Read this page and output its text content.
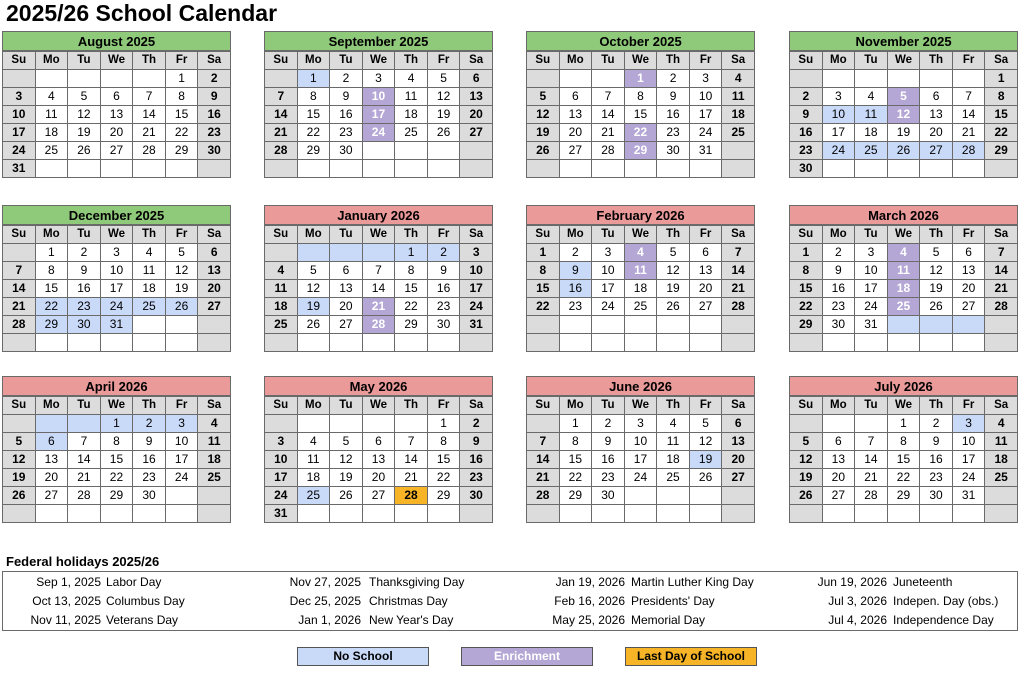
2025/26 School Calendar
August 2025
Su	Mo	Tu	We	Th	Fr	Sa
					1	2
3	4	5	6	7	8	9
10	11	12	13	14	15	16
17	18	19	20	21	22	23
24	25	26	27	28	29	30
31						
September 2025
Su	Mo	Tu	We	Th	Fr	Sa
	1	2	3	4	5	6
7	8	9	10	11	12	13
14	15	16	17	18	19	20
21	22	23	24	25	26	27
28	29	30				

October 2025
Su	Mo	Tu	We	Th	Fr	Sa
			1	2	3	4
5	6	7	8	9	10	11
12	13	14	15	16	17	18
19	20	21	22	23	24	25
26	27	28	29	30	31	

November 2025
Su	Mo	Tu	We	Th	Fr	Sa
						1
2	3	4	5	6	7	8
9	10	11	12	13	14	15
16	17	18	19	20	21	22
23	24	25	26	27	28	29
30						
December 2025
Su	Mo	Tu	We	Th	Fr	Sa
	1	2	3	4	5	6
7	8	9	10	11	12	13
14	15	16	17	18	19	20
21	22	23	24	25	26	27
28	29	30	31			

January 2026
Su	Mo	Tu	We	Th	Fr	Sa
				1	2	3
4	5	6	7	8	9	10
11	12	13	14	15	16	17
18	19	20	21	22	23	24
25	26	27	28	29	30	31

February 2026
Su	Mo	Tu	We	Th	Fr	Sa
1	2	3	4	5	6	7
8	9	10	11	12	13	14
15	16	17	18	19	20	21
22	23	24	25	26	27	28

March 2026
Su	Mo	Tu	We	Th	Fr	Sa
1	2	3	4	5	6	7
8	9	10	11	12	13	14
15	16	17	18	19	20	21
22	23	24	25	26	27	28
29	30	31				

April 2026
Su	Mo	Tu	We	Th	Fr	Sa
			1	2	3	4
5	6	7	8	9	10	11
12	13	14	15	16	17	18
19	20	21	22	23	24	25
26	27	28	29	30		

May 2026
Su	Mo	Tu	We	Th	Fr	Sa
					1	2
3	4	5	6	7	8	9
10	11	12	13	14	15	16
17	18	19	20	21	22	23
24	25	26	27	28	29	30
31						
June 2026
Su	Mo	Tu	We	Th	Fr	Sa
	1	2	3	4	5	6
7	8	9	10	11	12	13
14	15	16	17	18	19	20
21	22	23	24	25	26	27
28	29	30				

July 2026
Su	Mo	Tu	We	Th	Fr	Sa
			1	2	3	4
5	6	7	8	9	10	11
12	13	14	15	16	17	18
19	20	21	22	23	24	25
26	27	28	29	30	31	

Federal holidays 2025/26
Sep 1, 2025 Labor Day	Nov 27, 2025 Thanksgiving Day	Jan 19, 2026 Martin Luther King Day	Jun 19, 2026 Juneteenth
Oct 13, 2025 Columbus Day	Dec 25, 2025 Christmas Day	Feb 16, 2026 Presidents' Day	Jul 3, 2026 Indepen. Day (obs.)
Nov 11, 2025 Veterans Day	Jan 1, 2026 New Year's Day	May 25, 2026 Memorial Day	Jul 4, 2026 Independence Day
No School	Enrichment	Last Day of School
